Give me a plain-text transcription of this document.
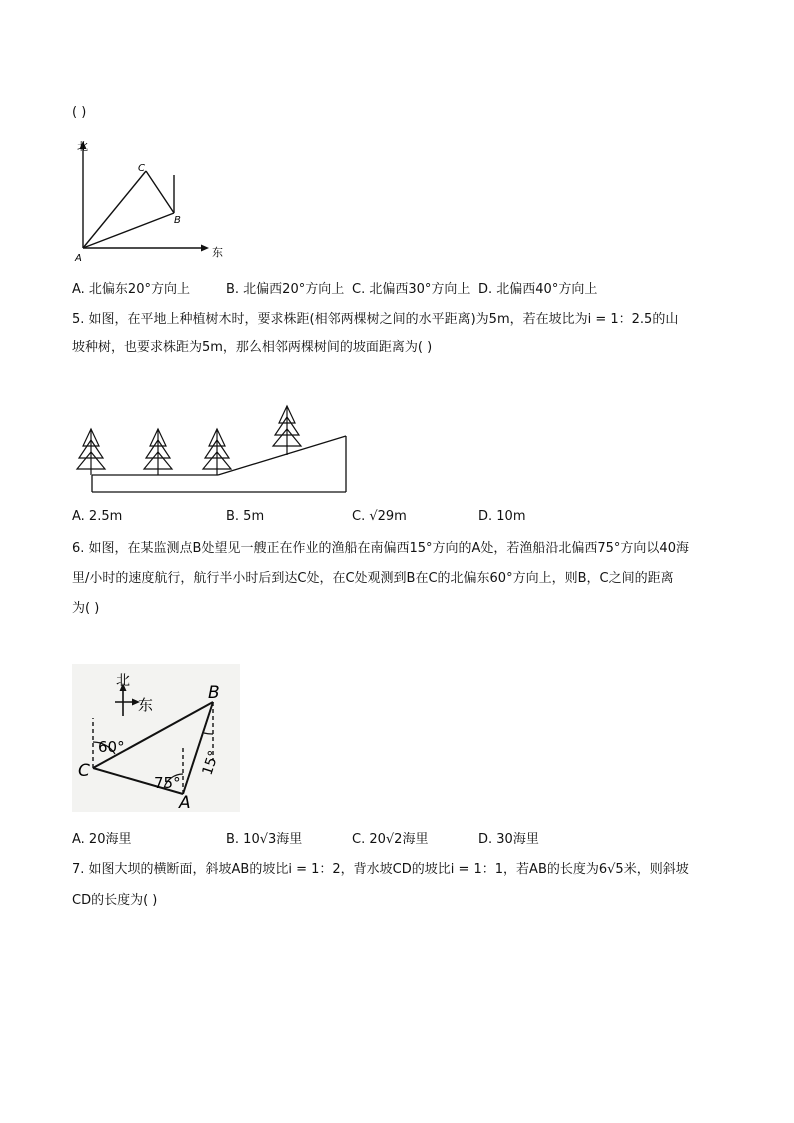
( )
北
东
C
B
A
A. 北偏东20°方向上	B. 北偏西20°方向上 C. 北偏西30°方向上 D. 北偏西40°方向上
5. 如图，在平地上种植树木时，要求株距(相邻两棵树之间的水平距离)为5m，若在坡比为i = 1：2.5的山
坡种树，也要求株距为5m，那么相邻两棵树间的坡面距离为( )
A. 2.5m	B. 5m	C. √29m	D. 10m
6. 如图，在某监测点B处望见一艘正在作业的渔船在南偏西15°方向的A处，若渔船沿北偏西75°方向以40海
里/小时的速度航行，航行半小时后到达C处，在C处观测到B在C的北偏东60°方向上，则B，C之间的距离
为( )
北
东
60°
75°
15°
B
C
A
A. 20海里	B. 10√3海里	C. 20√2海里	D. 30海里
7. 如图大坝的横断面，斜坡AB的坡比i = 1：2，背水坡CD的坡比i = 1：1，若AB的长度为6√5米，则斜坡
CD的长度为( )
